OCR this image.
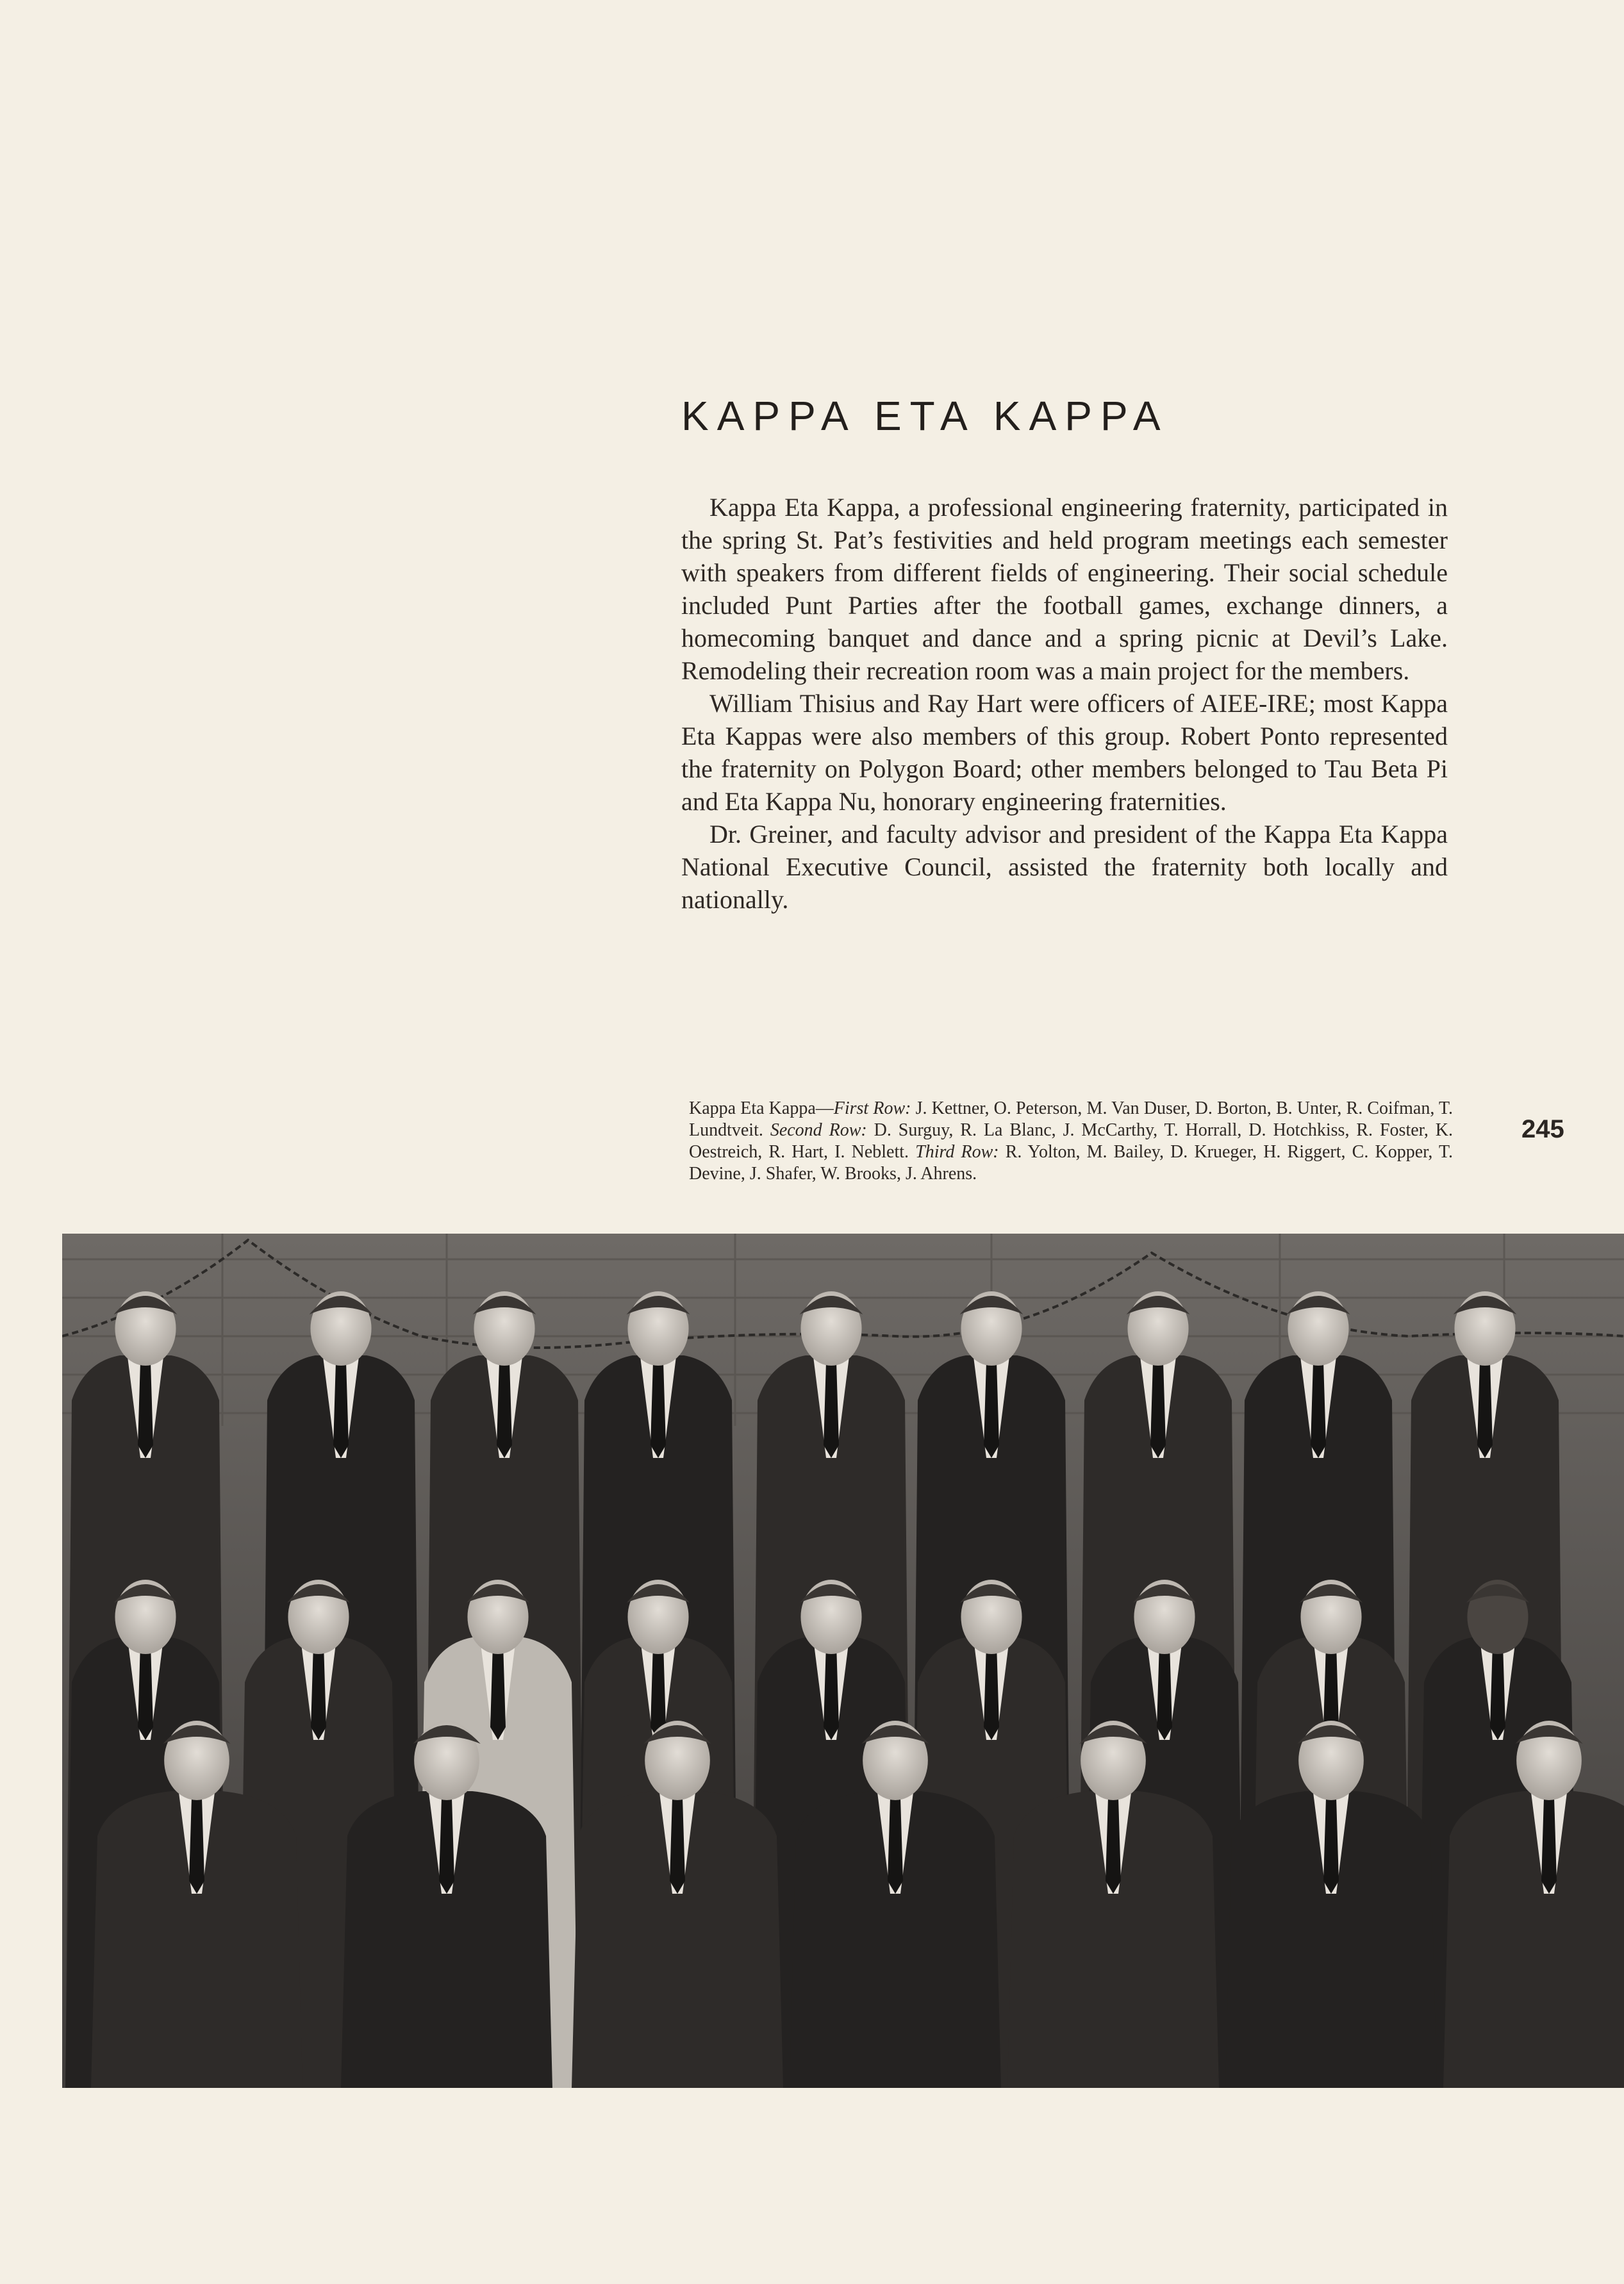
KAPPA ETA KAPPA

Kappa Eta Kappa, a professional engineering fraternity, participated in the spring St. Pat’s festivities and held program meetings each semester with speakers from different fields of engineering. Their social schedule included Punt Parties after the football games, exchange dinners, a homecoming banquet and dance and a spring picnic at Devil’s Lake. Remodeling their recreation room was a main project for the members.

William Thisius and Ray Hart were officers of AIEE-IRE; most Kappa Eta Kappas were also members of this group. Robert Ponto represented the fraternity on Polygon Board; other members belonged to Tau Beta Pi and Eta Kappa Nu, honorary engineering fraternities.

Dr. Greiner, and faculty advisor and president of the Kappa Eta Kappa National Executive Council, assisted the fraternity both locally and nationally.

Kappa Eta Kappa—First Row: J. Kettner, O. Peterson, M. Van Duser, D. Borton, B. Unter, R. Coifman, T. Lundtveit. Second Row: D. Surguy, R. La Blanc, J. McCarthy, T. Horrall, D. Hotchkiss, R. Foster, K. Oestreich, R. Hart, I. Neblett. Third Row: R. Yolton, M. Bailey, D. Krueger, H. Riggert, C. Kopper, T. Devine, J. Shafer, W. Brooks, J. Ahrens.
245
